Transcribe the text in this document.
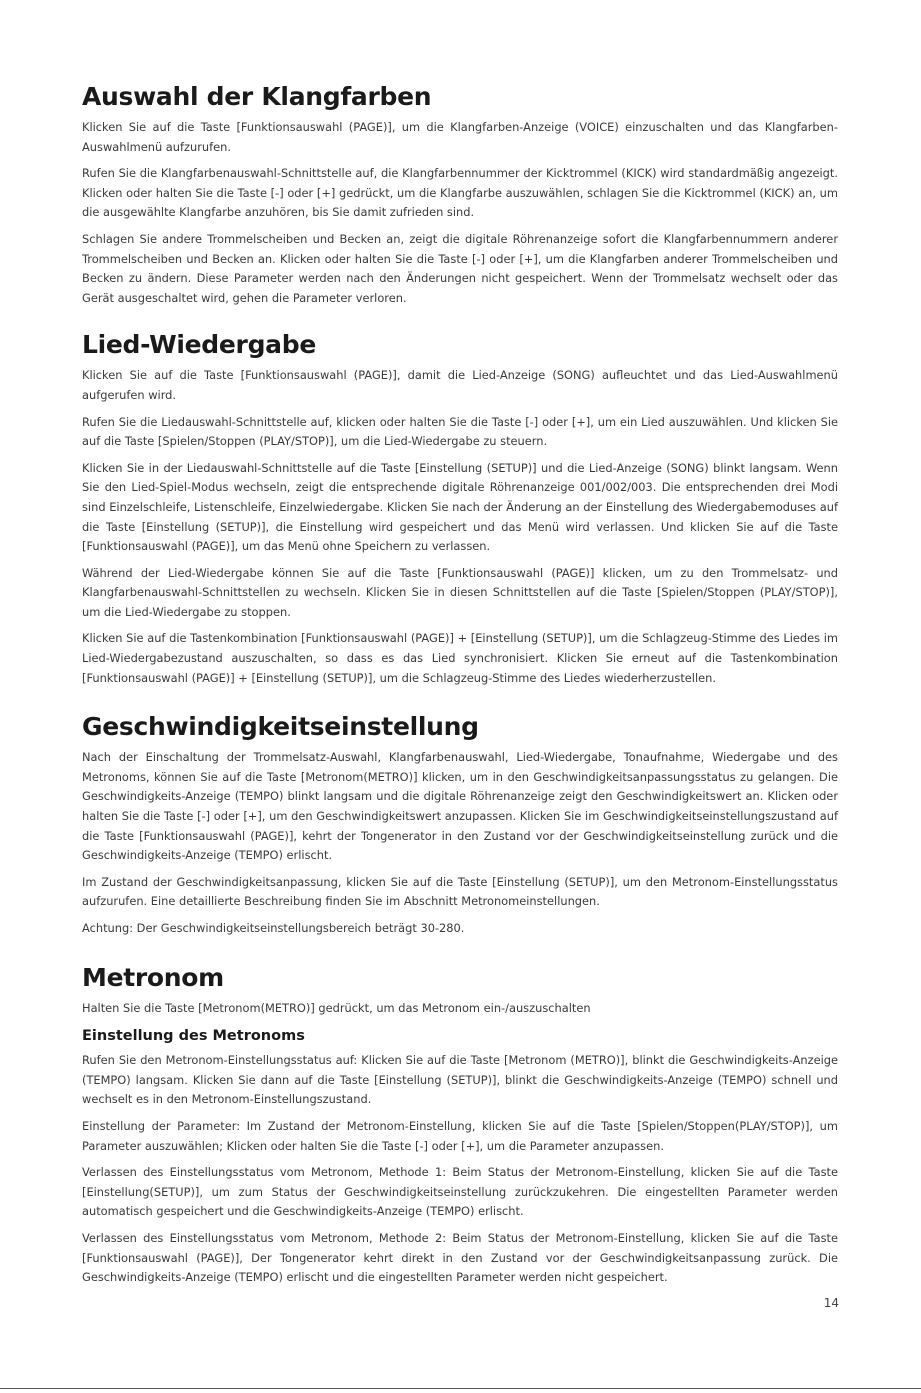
Auswahl der Klangfarben

Klicken Sie auf die Taste [Funktionsauswahl (PAGE)], um die Klangfarben-Anzeige (VOICE) einzuschalten und das Klangfarben-Auswahlmenü aufzurufen.

Rufen Sie die Klangfarbenauswahl-Schnittstelle auf, die Klangfarbennummer der Kicktrommel (KICK) wird standardmäßig angezeigt. Klicken oder halten Sie die Taste [-] oder [+] gedrückt, um die Klangfarbe auszuwählen, schlagen Sie die Kicktrommel (KICK) an, um die ausgewählte Klangfarbe anzuhören, bis Sie damit zufrieden sind.

Schlagen Sie andere Trommelscheiben und Becken an, zeigt die digitale Röhrenanzeige sofort die Klangfarbennummern anderer Trommelscheiben und Becken an. Klicken oder halten Sie die Taste [-] oder [+], um die Klangfarben anderer Trommelscheiben und Becken zu ändern. Diese Parameter werden nach den Änderungen nicht gespeichert. Wenn der Trommelsatz wechselt oder das Gerät ausgeschaltet wird, gehen die Parameter verloren.

Lied-Wiedergabe

Klicken Sie auf die Taste [Funktionsauswahl (PAGE)], damit die Lied-Anzeige (SONG) aufleuchtet und das Lied-Auswahlmenü aufgerufen wird.

Rufen Sie die Liedauswahl-Schnittstelle auf, klicken oder halten Sie die Taste [-] oder [+], um ein Lied auszuwählen. Und klicken Sie auf die Taste [Spielen/Stoppen (PLAY/STOP)], um die Lied-Wiedergabe zu steuern.

Klicken Sie in der Liedauswahl-Schnittstelle auf die Taste [Einstellung (SETUP)] und die Lied-Anzeige (SONG) blinkt langsam. Wenn Sie den Lied-Spiel-Modus wechseln, zeigt die entsprechende digitale Röhrenanzeige 001/002/003. Die entsprechenden drei Modi sind Einzelschleife, Listenschleife, Einzelwiedergabe. Klicken Sie nach der Änderung an der Einstellung des Wiedergabemoduses auf die Taste [Einstellung (SETUP)], die Einstellung wird gespeichert und das Menü wird verlassen. Und klicken Sie auf die Taste [Funktionsauswahl (PAGE)], um das Menü ohne Speichern zu verlassen.

Während der Lied-Wiedergabe können Sie auf die Taste [Funktionsauswahl (PAGE)] klicken, um zu den Trommelsatz- und Klangfarbenauswahl-Schnittstellen zu wechseln. Klicken Sie in diesen Schnittstellen auf die Taste [Spielen/Stoppen (PLAY/STOP)], um die Lied-Wiedergabe zu stoppen.

Klicken Sie auf die Tastenkombination [Funktionsauswahl (PAGE)] + [Einstellung (SETUP)], um die Schlagzeug-Stimme des Liedes im Lied-Wiedergabezustand auszuschalten, so dass es das Lied synchronisiert. Klicken Sie erneut auf die Tastenkombination [Funktionsauswahl (PAGE)] + [Einstellung (SETUP)], um die Schlagzeug-Stimme des Liedes wiederherzustellen.

Geschwindigkeitseinstellung

Nach der Einschaltung der Trommelsatz-Auswahl, Klangfarbenauswahl, Lied-Wiedergabe, Tonaufnahme, Wiedergabe und des Metronoms, können Sie auf die Taste [Metronom(METRO)] klicken, um in den Geschwindigkeitsanpassungsstatus zu gelangen. Die Geschwindigkeits-Anzeige (TEMPO) blinkt langsam und die digitale Röhrenanzeige zeigt den Geschwindigkeitswert an. Klicken oder halten Sie die Taste [-] oder [+], um den Geschwindigkeitswert anzupassen. Klicken Sie im Geschwindigkeitseinstellungszustand auf die Taste [Funktionsauswahl (PAGE)], kehrt der Tongenerator in den Zustand vor der Geschwindigkeitseinstellung zurück und die Geschwindigkeits-Anzeige (TEMPO) erlischt.

Im Zustand der Geschwindigkeitsanpassung, klicken Sie auf die Taste [Einstellung (SETUP)], um den Metronom-Einstellungsstatus aufzurufen. Eine detaillierte Beschreibung finden Sie im Abschnitt Metronomeinstellungen.

Achtung: Der Geschwindigkeitseinstellungsbereich beträgt 30-280.

Metronom

Halten Sie die Taste [Metronom(METRO)] gedrückt, um das Metronom ein-/auszuschalten

Einstellung des Metronoms

Rufen Sie den Metronom-Einstellungsstatus auf: Klicken Sie auf die Taste [Metronom (METRO)], blinkt die Geschwindigkeits-Anzeige (TEMPO) langsam. Klicken Sie dann auf die Taste [Einstellung (SETUP)], blinkt die Geschwindigkeits-Anzeige (TEMPO) schnell und wechselt es in den Metronom-Einstellungszustand.

Einstellung der Parameter: Im Zustand der Metronom-Einstellung, klicken Sie auf die Taste [Spielen/Stoppen(PLAY/STOP)], um Parameter auszuwählen; Klicken oder halten Sie die Taste [-] oder [+], um die Parameter anzupassen.

Verlassen des Einstellungsstatus vom Metronom, Methode 1: Beim Status der Metronom-Einstellung, klicken Sie auf die Taste [Einstellung(SETUP)], um zum Status der Geschwindigkeitseinstellung zurückzukehren. Die eingestellten Parameter werden automatisch gespeichert und die Geschwindigkeits-Anzeige (TEMPO) erlischt.

Verlassen des Einstellungsstatus vom Metronom, Methode 2: Beim Status der Metronom-Einstellung, klicken Sie auf die Taste [Funktionsauswahl (PAGE)], Der Tongenerator kehrt direkt in den Zustand vor der Geschwindigkeitsanpassung zurück. Die Geschwindigkeits-Anzeige (TEMPO) erlischt und die eingestellten Parameter werden nicht gespeichert.

14
